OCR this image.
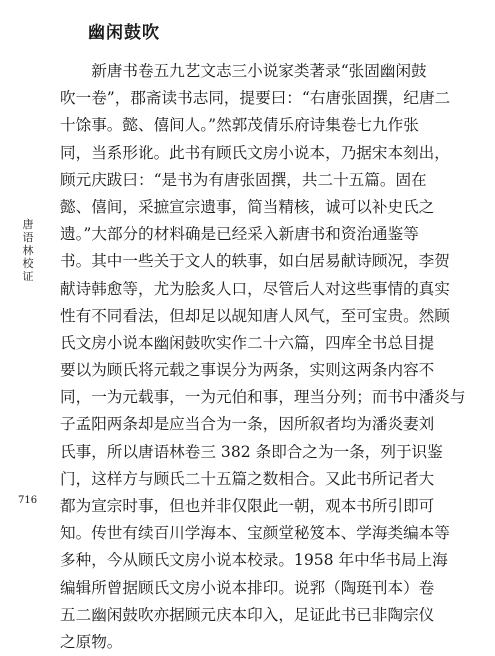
幽闲鼓吹
唐语林校证
716
　　新唐书卷五九艺文志三小说家类著录“张固幽闲鼓
吹一卷”，郡斋读书志同，提要曰：“右唐张固撰，纪唐二
十馀事。懿、僖间人。”然郭茂倩乐府诗集卷七九作张
同，当系形讹。此书有顾氏文房小说本，乃据宋本刻出，
顾元庆跋曰：“是书为有唐张固撰，共二十五篇。固在
懿、僖间，采摭宣宗遗事，简当精核，诚可以补史氏之
遗。”大部分的材料确是已经采入新唐书和资治通鉴等
书。其中一些关于文人的轶事，如白居易献诗顾况，李贺
献诗韩愈等，尤为脍炙人口，尽管后人对这些事情的真实
性有不同看法，但却足以觇知唐人风气，至可宝贵。然顾
氏文房小说本幽闲鼓吹实作二十六篇，四库全书总目提
要以为顾氏将元载之事误分为两条，实则这两条内容不
同，一为元载事，一为元伯和事，理当分列；而书中潘炎与
子孟阳两条却是应当合为一条，因所叙者均为潘炎妻刘
氏事，所以唐语林卷三 382 条即合之为一条，列于识鉴
门，这样方与顾氏二十五篇之数相合。又此书所记者大
都为宣宗时事，但也并非仅限此一朝，观本书所引即可
知。传世有续百川学海本、宝颜堂秘笈本、学海类编本等
多种，今从顾氏文房小说本校录。1958 年中华书局上海
编辑所曾据顾氏文房小说本排印。说郛（陶珽刊本）卷
五二幽闲鼓吹亦据顾元庆本印入，足证此书已非陶宗仪
之原物。
